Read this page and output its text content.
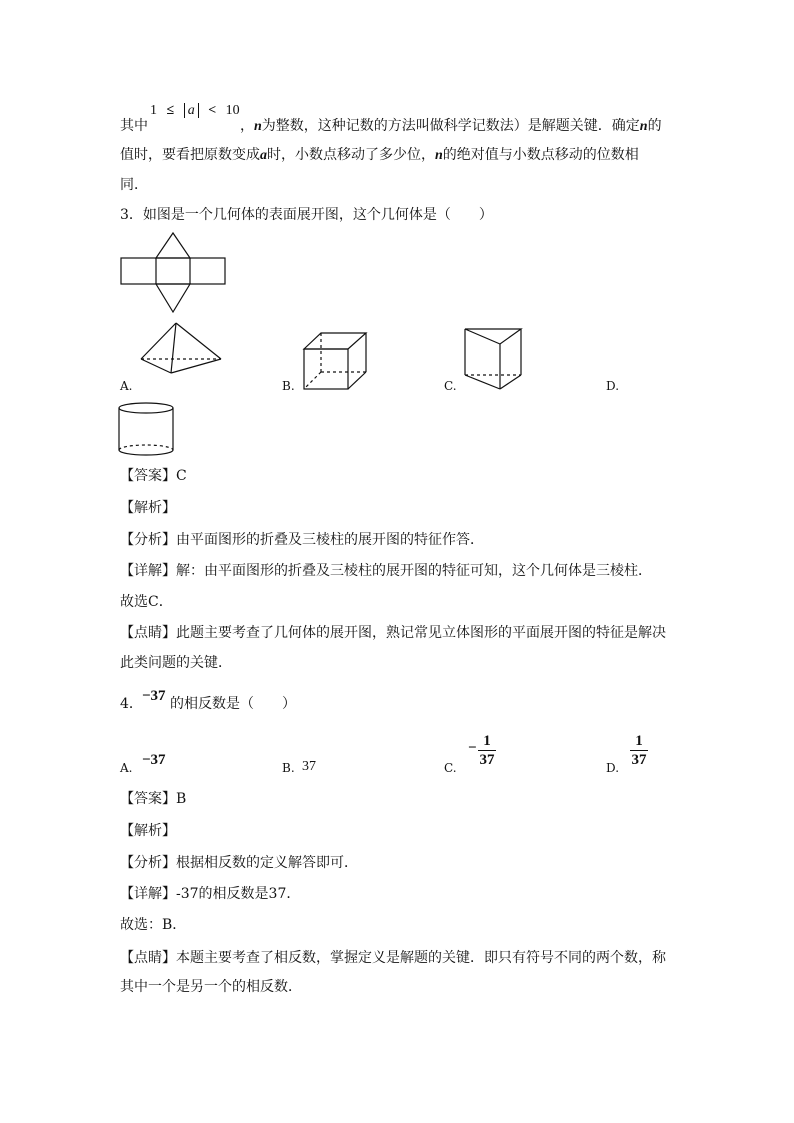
其中
1 ≤ a < 10
，n为整数，这种记数的方法叫做科学记数法）是解题关键．确定n的
值时，要看把原数变成a时，小数点移动了多少位，n的绝对值与小数点移动的位数相
同．
3．如图是一个几何体的表面展开图，这个几何体是（　　）
A.	B.	C.	D.
【答案】C
【解析】
【分析】由平面图形的折叠及三棱柱的展开图的特征作答．
【详解】解：由平面图形的折叠及三棱柱的展开图的特征可知，这个几何体是三棱柱．
故选C．
【点睛】此题主要考查了几何体的展开图，熟记常见立体图形的平面展开图的特征是解决
此类问题的关键．
4． −37 的相反数是（　　）
A. −37	B. 37	C.
− 1
37	D.
1
37
【答案】B
【解析】
【分析】根据相反数的定义解答即可．
【详解】-37的相反数是37．
故选：B．
【点睛】本题主要考查了相反数，掌握定义是解题的关键．即只有符号不同的两个数，称
其中一个是另一个的相反数．
